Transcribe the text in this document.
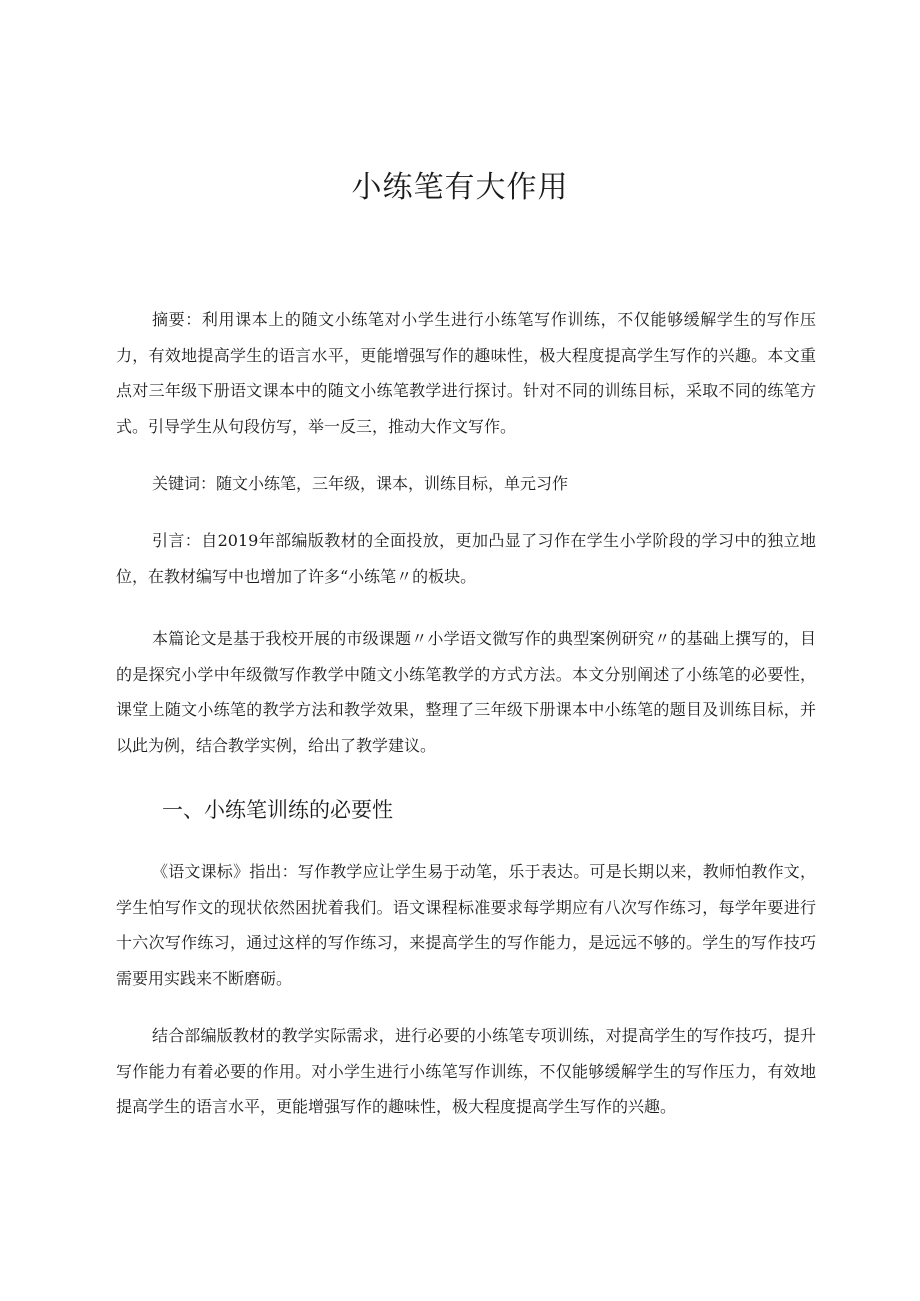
小练笔有大作用

摘要：利用课本上的随文小练笔对小学生进行小练笔写作训练，不仅能够缓解学生的写作压力，有效地提高学生的语言水平，更能增强写作的趣味性，极大程度提高学生写作的兴趣。本文重点对三年级下册语文课本中的随文小练笔教学进行探讨。针对不同的训练目标，采取不同的练笔方式。引导学生从句段仿写，举一反三，推动大作文写作。

关键词：随文小练笔，三年级，课本，训练目标，单元习作

引言：自2019年部编版教材的全面投放，更加凸显了习作在学生小学阶段的学习中的独立地位，在教材编写中也增加了许多“小练笔〃的板块。

本篇论文是基于我校开展的市级课题〃小学语文微写作的典型案例研究〃的基础上撰写的，目的是探究小学中年级微写作教学中随文小练笔教学的方式方法。本文分别阐述了小练笔的必要性，课堂上随文小练笔的教学方法和教学效果，整理了三年级下册课本中小练笔的题目及训练目标，并以此为例，结合教学实例，给出了教学建议。

一、小练笔训练的必要性

《语文课标》指出：写作教学应让学生易于动笔，乐于表达。可是长期以来，教师怕教作文，学生怕写作文的现状依然困扰着我们。语文课程标准要求每学期应有八次写作练习，每学年要进行十六次写作练习，通过这样的写作练习，来提高学生的写作能力，是远远不够的。学生的写作技巧需要用实践来不断磨砺。

结合部编版教材的教学实际需求，进行必要的小练笔专项训练，对提高学生的写作技巧，提升写作能力有着必要的作用。对小学生进行小练笔写作训练，不仅能够缓解学生的写作压力，有效地提高学生的语言水平，更能增强写作的趣味性，极大程度提高学生写作的兴趣。
